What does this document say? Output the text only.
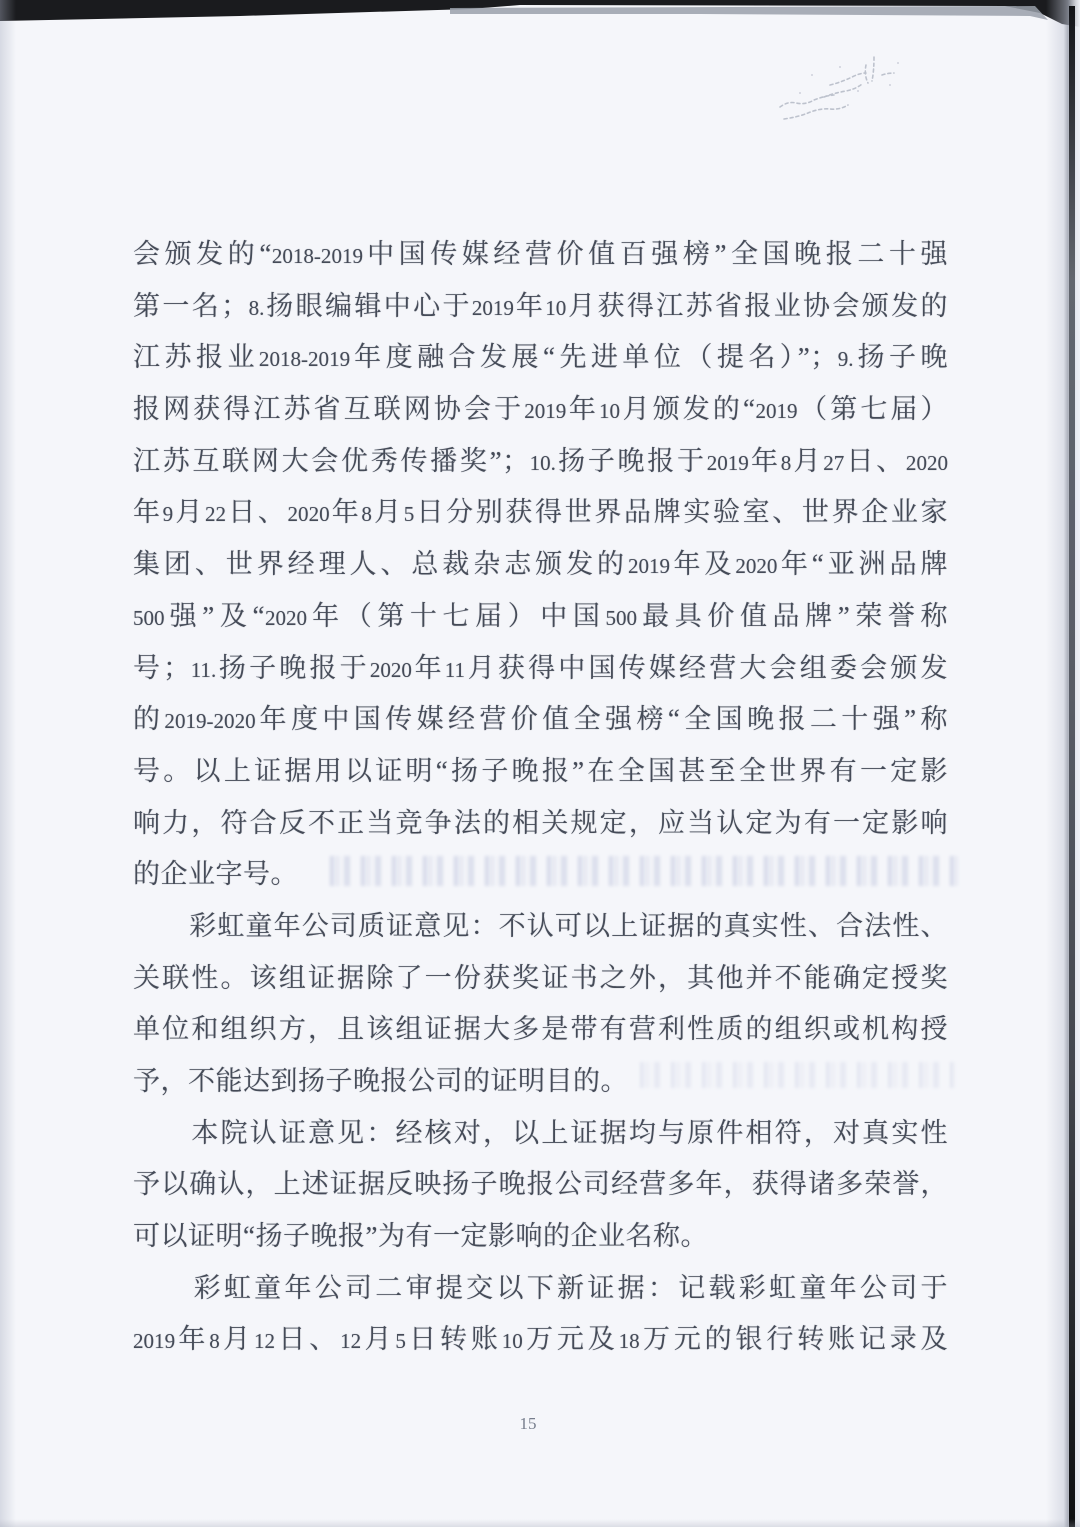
会颁发的“2018-2019中国传媒经营价值百强榜”全国晚报二十强
第一名；8.扬眼编辑中心于2019年10月获得江苏省报业协会颁发的
江苏报业2018-2019年度融合发展“先进单位（提名）”；9.扬子晚
报网获得江苏省互联网协会于2019年10月颁发的“2019（第七届）
江苏互联网大会优秀传播奖”；10.扬子晚报于2019年8月27日、2020
年9月22日、2020年8月5日分别获得世界品牌实验室、世界企业家
集团、世界经理人、总裁杂志颁发的2019年及2020年“亚洲品牌
500强”及“2020年（第十七届）中国500最具价值品牌”荣誉称
号；11.扬子晚报于2020年11月获得中国传媒经营大会组委会颁发
的2019-2020年度中国传媒经营价值全强榜“全国晚报二十强”称
号。以上证据用以证明“扬子晚报”在全国甚至全世界有一定影
响力，符合反不正当竞争法的相关规定，应当认定为有一定影响
的企业字号。
　　彩虹童年公司质证意见：不认可以上证据的真实性、合法性、
关联性。该组证据除了一份获奖证书之外，其他并不能确定授奖
单位和组织方，且该组证据大多是带有营利性质的组织或机构授
予，不能达到扬子晚报公司的证明目的。
　　本院认证意见：经核对，以上证据均与原件相符，对真实性
予以确认，上述证据反映扬子晚报公司经营多年，获得诸多荣誉，
可以证明“扬子晚报”为有一定影响的企业名称。
　　彩虹童年公司二审提交以下新证据：记载彩虹童年公司于
2019年8月12日、12月5日转账10万元及18万元的银行转账记录及
15
